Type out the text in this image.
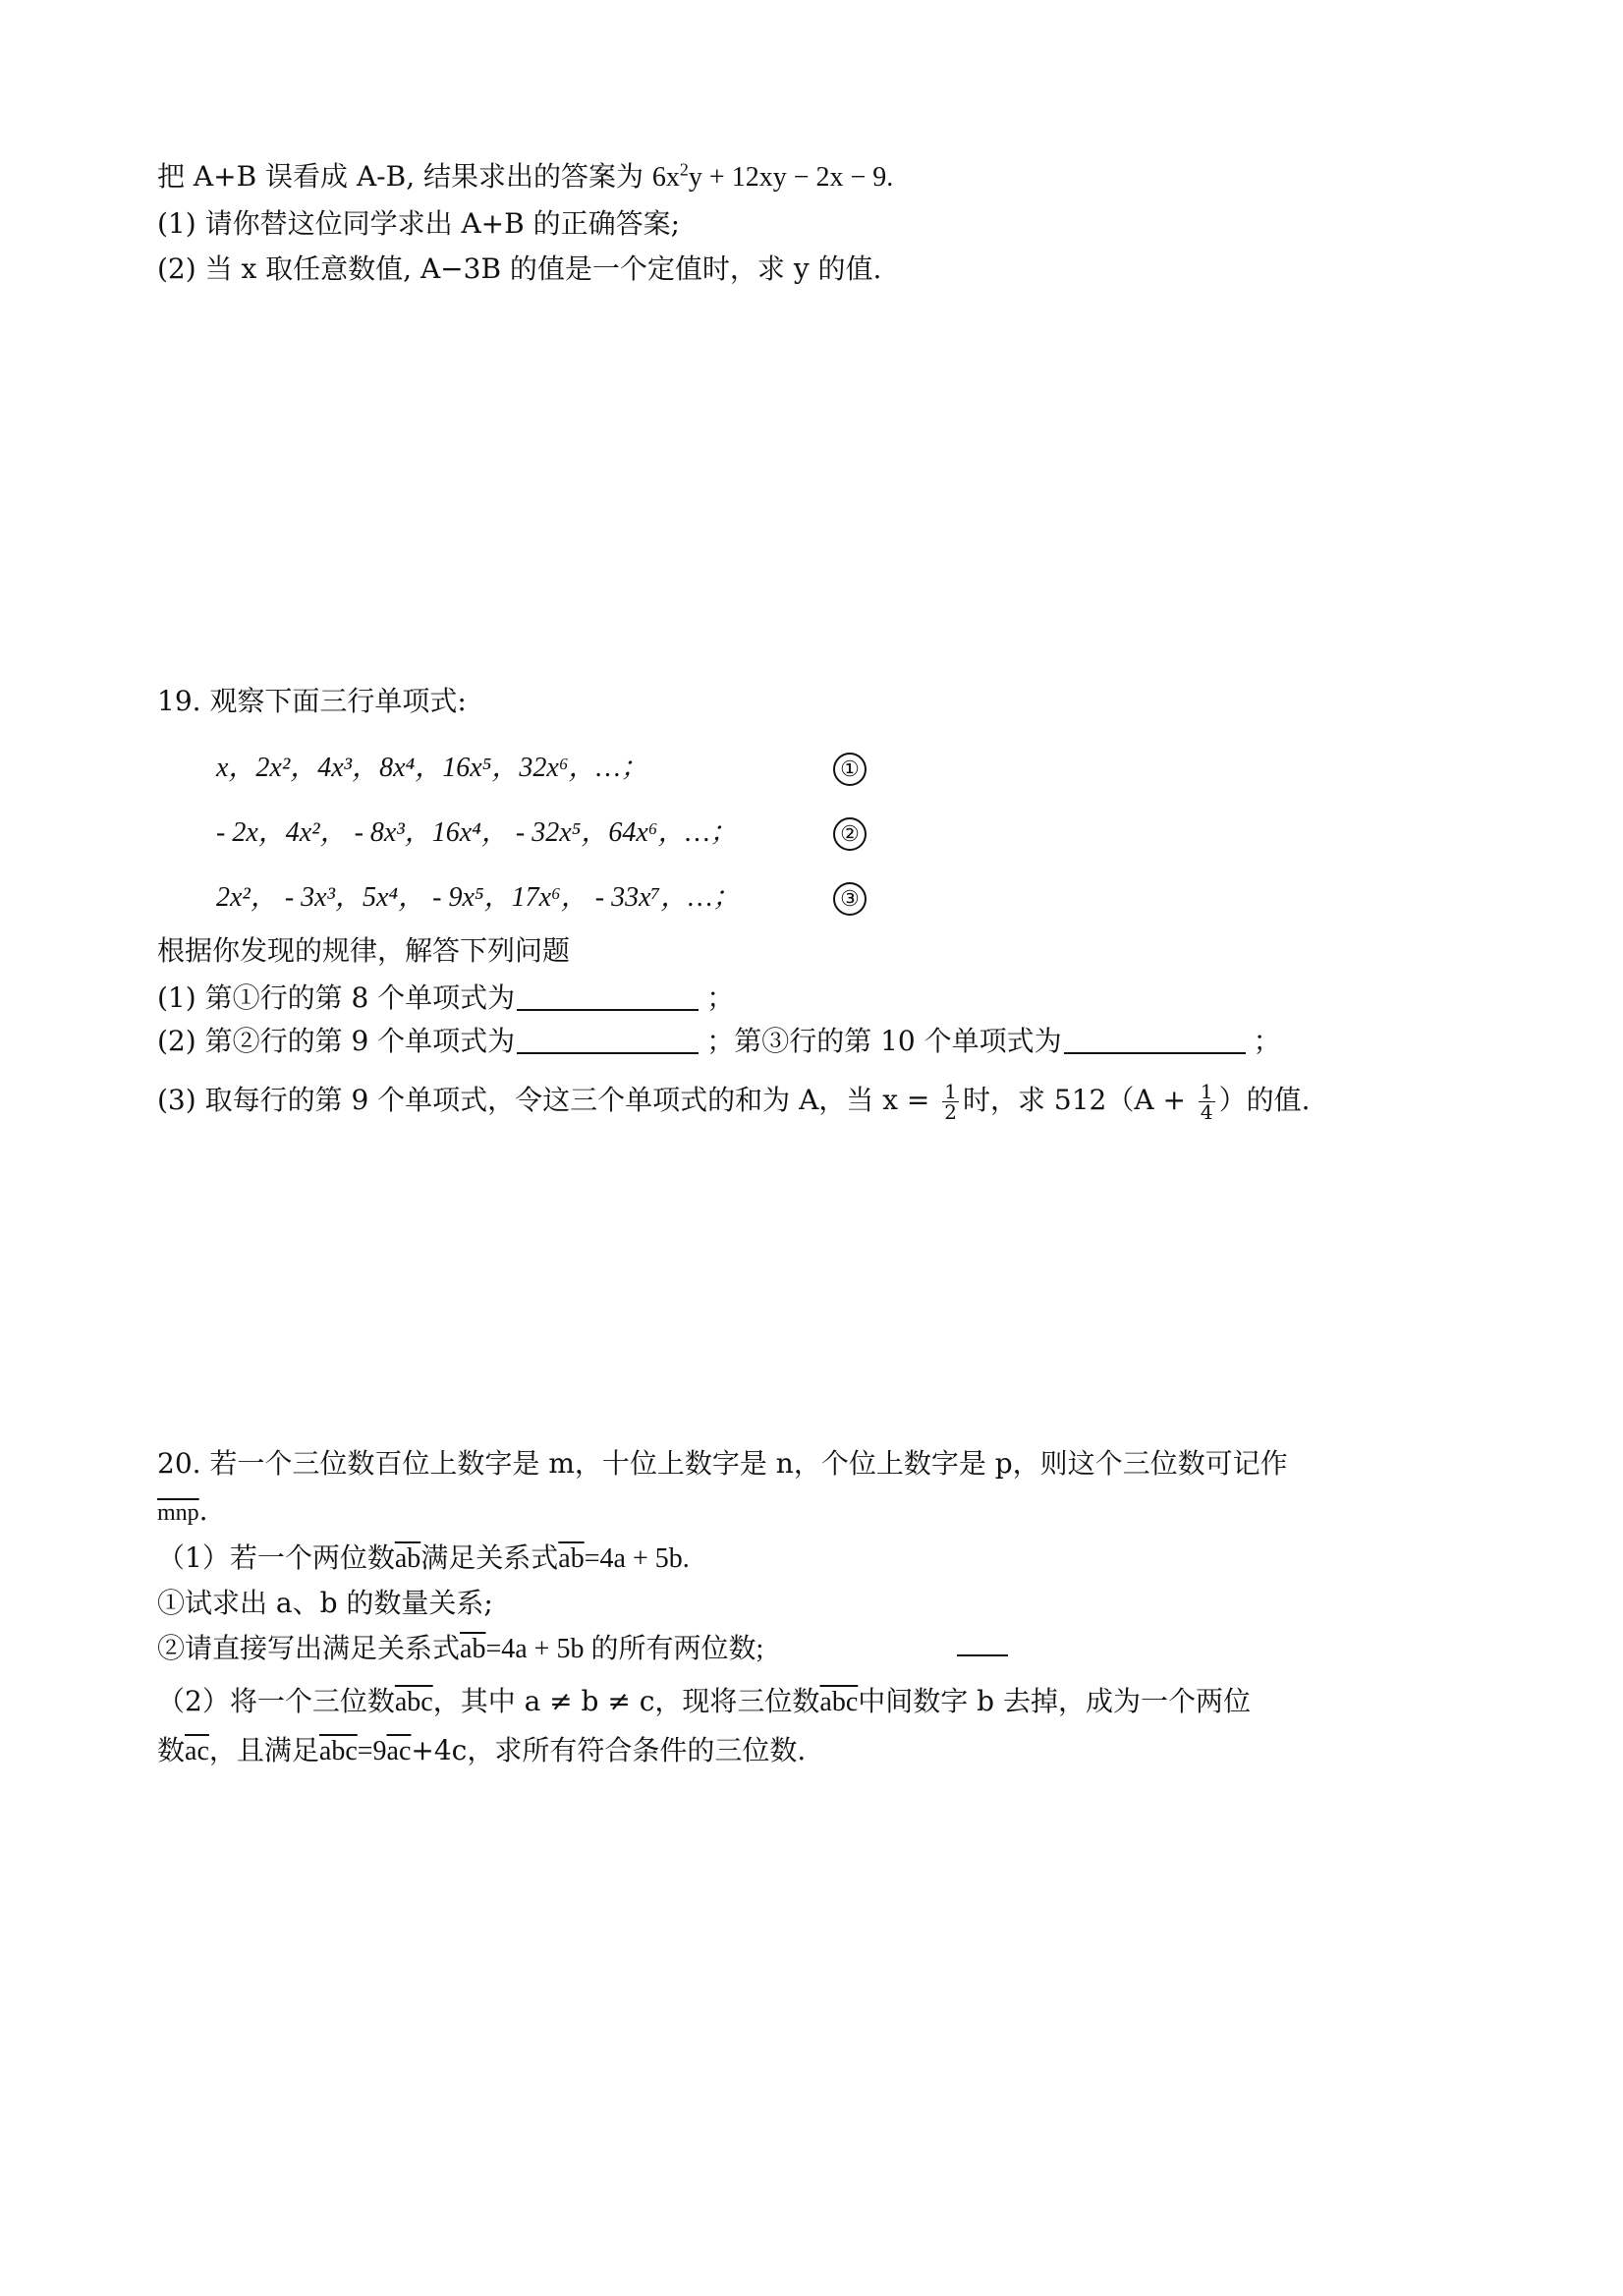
把 A+B 误看成 A-B, 结果求出的答案为 $6x^2y + 12xy - 2x - 9$.
(1) 请你替这位同学求出 A+B 的正确答案;
(2) 当 x 取任意数值, A−3B 的值是一个定值时，求 y 的值.
19. 观察下面三行单项式:
x，2x²，4x³，8x⁴，16x⁵，32x⁶，…；	①
- 2x，4x²， - 8x³，16x⁴， - 32x⁵，64x⁶，…；	②
2x²， - 3x³，5x⁴， - 9x⁵，17x⁶， - 33x⁷，…；	③
根据你发现的规律，解答下列问题
(1) 第①行的第 8 个单项式为	；
(2) 第②行的第 9 个单项式为	；第③行的第 10 个单项式为	；
(3) 取每行的第 9 个单项式，令这三个单项式的和为 A，当 $x = \frac{1}{2}$ 时，求 $512(A + \frac{1}{4}$ ）的值.
20. 若一个三位数百位上数字是 m，十位上数字是 n，个位上数字是 p，则这个三位数可记作
$\overline{mnp}$.
（1）若一个两位数$\overline{ab}$满足关系式$\overline{ab}=4a + 5b$.
①试求出 a、b 的数量关系;
②请直接写出满足关系式$\overline{ab}=4a + 5b$ 的所有两位数;
（2）将一个三位数$\overline{abc}$，其中 a ≠ b ≠ c，现将三位数$\overline{abc}$中间数字 b 去掉，成为一个两位
数$\overline{ac}$，且满足$\overline{abc}=9\overline{ac}+4c$，求所有符合条件的三位数.
